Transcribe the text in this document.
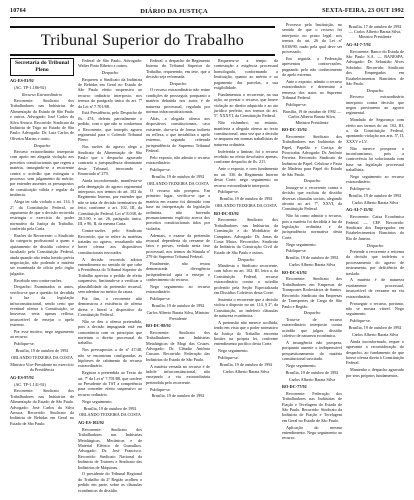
10764	DIÁRIO DA JUSTIÇA	SEXTA-FEIRA, 23 OUT 1992
Tribunal Superior do Trabalho
Secretaria do Tribunal Pleno

AG-ES-81/92

(AC. TP-1.186-92)

Recurso Extraordinário

Recorrente: Sindicato dos Trabalhadores nas Indústrias de Alimentação do Estado de São Paulo e outros. Advogado: José Carlos da Silva Arouca. Recorrido: Sindicato da Indústria de Trigo no Estado de São Paulo. Advogado: Dr. Luiz Carlos de Oliveira Marins e outro.

Despacho

Recurso extraordinário interposto com apoio em alegada violação aos preceitos constitucionais que regem a matéria, insurgindo-se a recorrente contra o acórdão que extinguiu o processo, sem julgamento do mérito, por entender ausentes os pressupostos de constituição válida e regular da instância.

Alega ter sido violado o art. 114, § 2º, da Constituição Federal, ao argumento de que a decisão recorrida restringiu o exercício do poder normativo da Justiça do Trabalho, conferido pela Carta.

Razões do Recorrente: o Sindicato da categoria profissional a quem o ajuizamento de dissídio coletivo é facultado pela Constituição Federal, ainda quando não tenha havido prévia negociação, não podendo a matéria ser examinada de ofício pelo órgão julgador.

Recebido sem contra-razões.

Despacho: Examinados os autos, verifica-se que a questão foi decidida à luz da legislação infraconstitucional, sendo certo que eventual ofensa à Constituição, se houvesse, seria apenas reflexa, insuscetível de ensejar o apelo extremo.

Por esse motivo, nego seguimento ao recurso.

Publique-se.

Brasília, 19 de outubro de 1992

ORLANDO TEIXEIRA DA COSTA

Ministro Vice-Presidente no exercício da Presidência

AG-ES-97/92

(AC. TP-1.141-92)

Recorrente: Sindicato dos Trabalhadores nas Indústrias de Alimentação do Estado de São Paulo. Advogado: José Carlos da Silva Arouca. Recorrido: Sindicato da Indústria de Bebidas em Geral no Estado de São Paulo.

Federal de São Paulo. Advogado: Walter Pinto Ribeiro e outros.

Despacho

Requereu o Sindicato da Indústria de Bebidas em Geral no Estado de São Paulo efeito suspensivo ao recurso ordinário interposto, nos termos do parágrafo único do art. 7º da Lei nº 7.701/88.

Está Presidência, pelo Despacho de fls. 474, deferiu parcialmente o pedido, com o que não se conformou o Recorrente, que interpôs agravo regimental para o Colendo Tribunal Pleno.

Nas razões do agravo alega o Sindicato da Alimentação de São Paulo que o despacho agravado contraria a jurisprudência dominante deste Tribunal, invocando o Enunciado nº 279.

Ainda inconformado, manifesta-se pela denegação do agravo regimental interposto, nos termos do art. 102 do Regimento Interno, por entender que não se trata de decisão terminativa do feito, conforme o art. 102, III, da Constituição Federal, Lei nº 8.038, de 28.5.90, e art. 26, parágrafo único, III, e 96, II, da mesma Carta.

Contra-razões pelo Sindicato Recorrido, que se refere às matérias tratadas no agravo, ressaltando não haver ofensa aos dispositivos constitucionais invocados.

A decisão recorrida adotou entendimento no sentido de que cabe à Presidência do Tribunal Superior do Trabalho apreciar o pedido de efeito suspensivo, limitando-se a verificar a plausibilidade da pretensão recursal, sem adentrar no mérito da causa.

Por fim, o recorrente não demonstrou a existência de ofensa direta e literal a dispositivo da Constituição Federal.

Não se deu a ofensa pretendida, pois a decisão impugnada está em consonância com os princípios que norteiam o direito processual do trabalho.

Nos pressupostos a de nº 47/48, não se encontram configuradas as hipóteses de cabimento do recurso extraordinário.

Registra a pretendida ao Texto do art. 7º da Lei nº 7.701/88, que confere ao Presidente do TST a competência para conceder efeito suspensivo ao recurso ordinário.

Nego seguimento.

Brasília, 19 de outubro de 1992

ORLANDO TEIXEIRA DA COSTA

AG-ES-102/92

Recorrente: Sindicato dos Trabalhadores nas Indústrias Metalúrgicas, Mecânicas e de Material Elétrico de Guarulhos. Advogado: Dr. José Francisco. Recorrido: Sindicato Nacional da Indústria de Tratores e Sindicato das Indústrias de Máquinas.

O presidente do Tribunal Regional do Trabalho da 2ª Região acolheu o pedido em parte, sobre as cláusulas econômicas do dissídio.

Federal, o despacho do Regimento Interno do Tribunal Superior do Trabalho, requerendo, em tese, que a decisão seja reformada.

Despacho

O recurso extraordinário não reúne condições de prosseguir, porquanto a matéria debatida nos autos é de natureza processual, regulada por normas infraconstitucionais.

Aliás, a alegada ofensa aos dispositivos constitucionais, caso existente, dar-se-ia de forma indireta ou reflexa, o que inviabiliza o apelo extremo, segundo reiterada jurisprudência do Supremo Tribunal Federal.

Pelo exposto, não admito o recurso extraordinário.

Publique-se.

Brasília, 19 de outubro de 1992

ORLANDO TEIXEIRA DA COSTA

O recurso não prospera. Em primeiro lugar, verifica-se que a matéria em exame foi dirimida com base na interpretação da legislação ordinária, não havendo pronunciamento explícito acerca dos preceitos constitucionais tidos por violados.

Ademais, o exame da pretensão recursal dependeria do reexame de fatos e provas, vedado nesta fase processual, nos termos da Súmula nº 279 do Supremo Tribunal Federal.

Finalmente, não restou demonstrada divergência jurisprudencial apta a ensejar o conhecimento do recurso.

Nego seguimento ao recurso extraordinário.

Publique-se.

Brasília, 19 de outubro de 1992

Carlos Alberto Barata Silva, Ministro Presidente

RO-DC-88/92

Recorrente: Sindicato dos Trabalhadores nas Indústrias Metalúrgicas de Mogi das Cruzes. Advogado: Dr. Cláudio Antônio Cassaro. Recorrido: Federação das Indústrias do Estado de São Paulo.

A matéria versada no recurso é de índole infraconstitucional, não ensejando a via extraordinária pretendida pelo recorrente.

Publique-se.

Brasília, 19 de outubro de 1992

Requereu-se a tempo da contestação a exigência processual homologada, conformando a Instituição, quanto ao mérito e ao pagamento das parcelas, a sua exigibilidade.

Fundamentou o recorrente, na sua ação, ao prestar o recurso, que houve violação ao direito adquirido e ao ato jurídico perfeito, nos termos do art. 5º, XXXVI, da Constituição Federal.

Não vislumbro, no entanto, manifesta a alegada ofensa ao texto constitucional, uma vez que a decisão se amparou em normas trabalhistas de natureza ordinária.

Indeferida a liminar, foi o recurso recebido no efeito devolutivo apenas, conforme despacho de fls. 211.

Ante o exposto, e com fundamento no art. 336 do Regimento Interno desta Corte, nego seguimento ao recurso extraordinário interposto.

Publique-se.

Brasília, 19 de outubro de 1992

ORLANDO TEIXEIRA DA COSTA

RO-DC-83/92

Recorrente: Sindicato dos Trabalhadores nas Indústrias da Construção e do Mobiliário de Campinas. Advogado: Dr. Jonas da Costa Matos. Recorridos: Sindicato da Indústria da Construção Civil do Estado de São Paulo e outros.

Despacho

Manifesta o Sindicato recorrente, com fulcro no art. 102, III, letra a, da Constituição Federal, recurso extraordinário contra o acórdão proferido pela Seção Especializada em Dissídios Coletivos desta Corte.

Sustenta o recorrente que a decisão violou o disposto no art. 114, § 2º, da Constituição, ao indeferir cláusulas de natureza econômica.

A pretensão não merece acolhida, tendo em vista que o poder normativo da Justiça do Trabalho encontra limites na própria lei, conforme entendimento pacífico desta Corte.

Nego seguimento.

Publique-se.

Brasília, 19 de outubro de 1992

Carlos Alberto Barata Silva

Processo pela Instituição, no sentido de que o recurso foi interposto no prazo legal, nos termos do art. 26 da Lei nº 8.038/90, razão pela qual deve ser processado.

Em seguida, a Federação apresentou contra-razões, pugnando pelo não conhecimento do apelo extremo.

Ante o exposto, admito o recurso extraordinário e determino a remessa dos autos ao Supremo Tribunal Federal.

Publique-se.

Brasília, 19 de outubro de 1992 — Carlos Alberto Barata Silva, Ministro Presidente

RO-DC-35/92

Recorrente: Sindicato dos Trabalhadores nas Indústrias de Papel, Papelão e Cortiça de Piracicaba. Advogado: Dr. Antônio Ferreira. Recorrido: Sindicato da Indústria de Papel, Celulose e Pasta de Madeira para Papel do Estado de São Paulo.

Despacho

Insurge-se o recorrente contra a decisão que excluiu do dissídio diversas cláusulas sociais, alegando afronta ao art. 7º, XXVI, da Constituição Federal.

Não há como admitir o recurso, pois a matéria foi decidida à luz da legislação ordinária e da jurisprudência normativa desta Corte.

Nego seguimento.

Publique-se.

Brasília, 19 de outubro de 1992

Carlos Alberto Barata Silva

RO-DC-61/92

Recorrente: Sindicato dos Trabalhadores em Empresas de Transportes Rodoviários de Santos. Recorrido: Sindicato das Empresas de Transportes de Carga de São Paulo e Região.

Despacho

Trata-se de recurso extraordinário interposto contra acórdão que julgou dissídio coletivo de natureza econômica.

A insurgência não prospera, porquanto ausente o indispensável prequestionamento da matéria constitucional suscitada.

Nego seguimento.

Brasília, 19 de outubro de 1992

Carlos Alberto Barata Silva

RO-DC-77/92

Recorrente: Federação dos Trabalhadores nas Indústrias de Fiação e Tecelagem do Estado de São Paulo. Recorrido: Sindicato da Indústria de Fiação e Tecelagem em Geral no Estado de São Paulo.

Aplicação do mesmo entendimento. Nego seguimento ao recurso.

Brasília, 17 de outubro de 1992 — Carlos Alberto Barata Silva, Ministro Presidente

AG-AI-7-7/92

Recorrente: Banco do Estado de São Paulo S.A. — BANESPA. Advogado: Dr. Sebastião Alves Sobrinho. Recorrido: Sindicato dos Empregados em Estabelecimentos Bancários de São Paulo.

Despacho

Recurso extraordinário interposto contra decisão que negou provimento ao agravo regimental.

Mandado de Segurança com efeito nos termos do art. 102, III, a, da Constituição Federal, apontando violação aos arts. 5º, II, XXXV e LV.

Não merece prosperar o inconformismo, pois a controvérsia foi solucionada com base na legislação processual trabalhista.

Nego seguimento ao recurso extraordinário.

Publique-se.

Brasília, 19 de outubro de 1992

Carlos Alberto Barata Silva

AG-AI-7-15/92

Recorrente: Caixa Econômica Federal — CEF. Recorrido: Sindicato dos Empregados em Estabelecimentos Bancários do Rio de Janeiro.

Despacho

Pretende a recorrente a reforma da decisão que indeferiu o processamento do agravo de instrumento, por deficiência de traslado.

A matéria é de natureza estritamente processual, insuscetível de reexame na via extraordinária.

Prosseguir o recurso, portanto, não se mostra viável. Nego seguimento.

Publique-se.

Brasília, 19 de outubro de 1992

Carlos Alberto Barata Silva

Ainda inconformado, requer o agravante a reconsideração do despacho, ao fundamento de que houve ofensa direta à Constituição Federal.

Mantenho o despacho agravado por seus próprios fundamentos.
